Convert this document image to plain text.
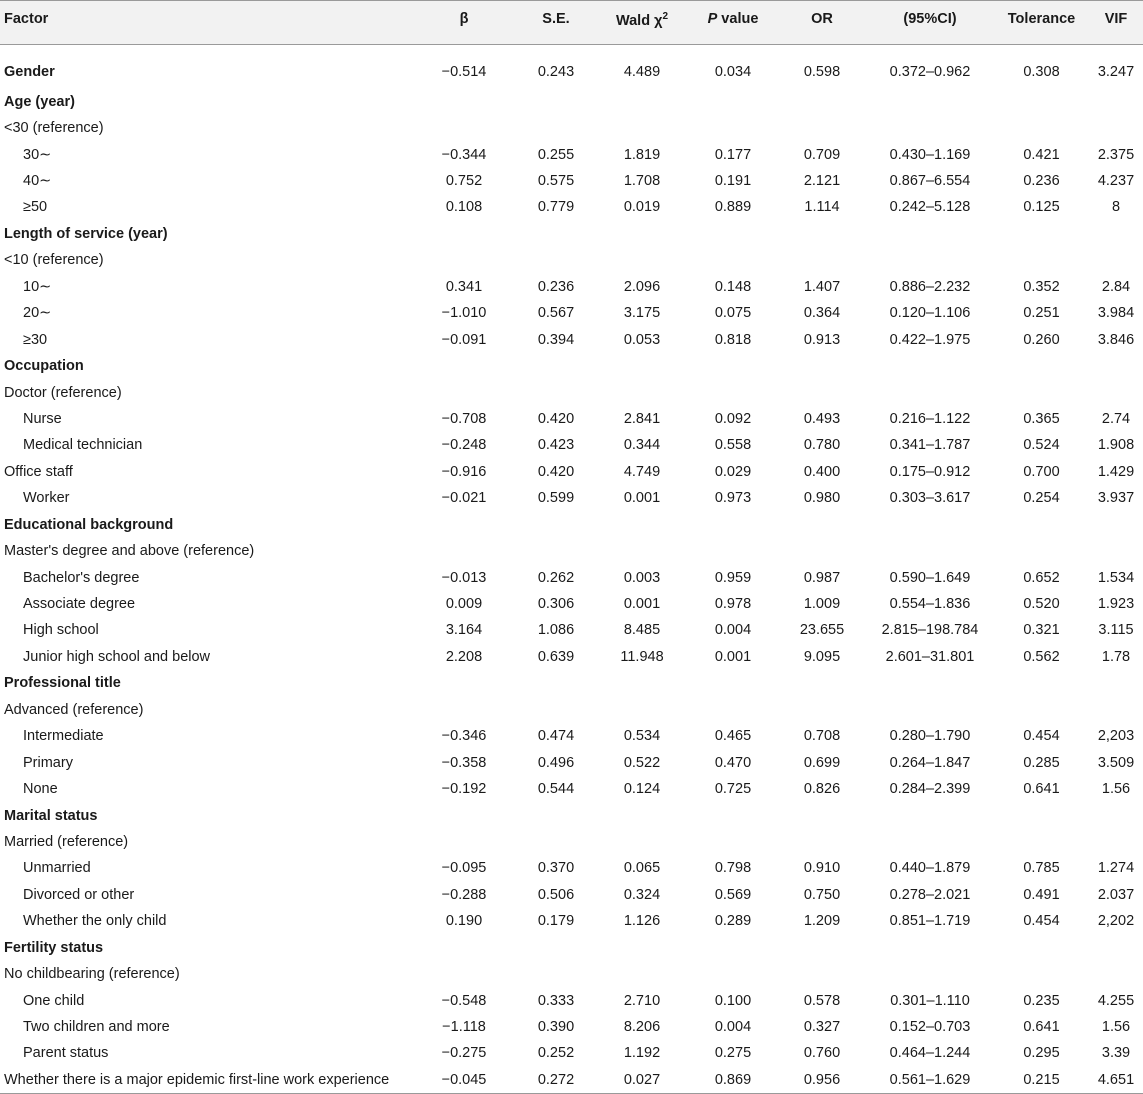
Factor	β	S.E.	Wald $\chi^2$	P value	OR	(95%CI)	Tolerance	VIF
Gender	−0.514	0.243	4.489	0.034	0.598	0.372–0.962	0.308	3.247
Age (year)								
<30 (reference)								
30∼	−0.344	0.255	1.819	0.177	0.709	0.430–1.169	0.421	2.375
40∼	0.752	0.575	1.708	0.191	2.121	0.867–6.554	0.236	4.237
≥50	0.108	0.779	0.019	0.889	1.114	0.242–5.128	0.125	8
Length of service (year)								
<10 (reference)								
10∼	0.341	0.236	2.096	0.148	1.407	0.886–2.232	0.352	2.84
20∼	−1.010	0.567	3.175	0.075	0.364	0.120–1.106	0.251	3.984
≥30	−0.091	0.394	0.053	0.818	0.913	0.422–1.975	0.260	3.846
Occupation								
Doctor (reference)								
Nurse	−0.708	0.420	2.841	0.092	0.493	0.216–1.122	0.365	2.74
Medical technician	−0.248	0.423	0.344	0.558	0.780	0.341–1.787	0.524	1.908
Office staff	−0.916	0.420	4.749	0.029	0.400	0.175–0.912	0.700	1.429
Worker	−0.021	0.599	0.001	0.973	0.980	0.303–3.617	0.254	3.937
Educational background								
Master's degree and above (reference)								
Bachelor's degree	−0.013	0.262	0.003	0.959	0.987	0.590–1.649	0.652	1.534
Associate degree	0.009	0.306	0.001	0.978	1.009	0.554–1.836	0.520	1.923
High school	3.164	1.086	8.485	0.004	23.655	2.815–198.784	0.321	3.115
Junior high school and below	2.208	0.639	11.948	0.001	9.095	2.601–31.801	0.562	1.78
Professional title								
Advanced (reference)								
Intermediate	−0.346	0.474	0.534	0.465	0.708	0.280–1.790	0.454	2,203
Primary	−0.358	0.496	0.522	0.470	0.699	0.264–1.847	0.285	3.509
None	−0.192	0.544	0.124	0.725	0.826	0.284–2.399	0.641	1.56
Marital status								
Married (reference)								
Unmarried	−0.095	0.370	0.065	0.798	0.910	0.440–1.879	0.785	1.274
Divorced or other	−0.288	0.506	0.324	0.569	0.750	0.278–2.021	0.491	2.037
Whether the only child	0.190	0.179	1.126	0.289	1.209	0.851–1.719	0.454	2,202
Fertility status								
No childbearing (reference)								
One child	−0.548	0.333	2.710	0.100	0.578	0.301–1.110	0.235	4.255
Two children and more	−1.118	0.390	8.206	0.004	0.327	0.152–0.703	0.641	1.56
Parent status	−0.275	0.252	1.192	0.275	0.760	0.464–1.244	0.295	3.39
Whether there is a major epidemic first-line work experience	−0.045	0.272	0.027	0.869	0.956	0.561–1.629	0.215	4.651
